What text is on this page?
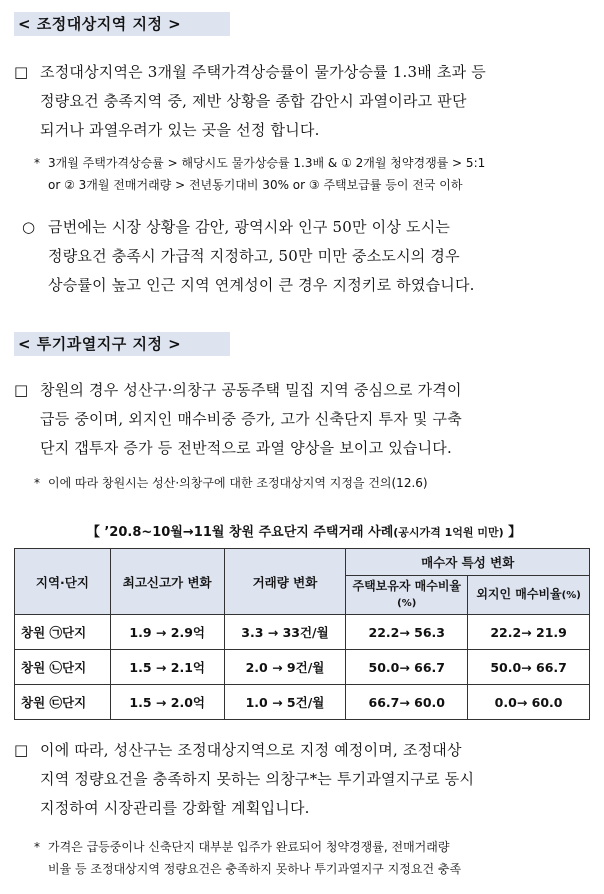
< 조정대상지역 지정 >
□ 조정대상지역은 3개월 주택가격상승률이 물가상승률 1.3배 초과 등
정량요건 충족지역 중, 제반 상황을 종합 감안시 과열이라고 판단
되거나 과열우려가 있는 곳을 선정 합니다.
* 3개월 주택가격상승률 > 해당시도 물가상승률 1.3배 & ① 2개월 청약경쟁률 > 5:1
or ② 3개월 전매거래량 > 전년동기대비 30% or ③ 주택보급률 등이 전국 이하
○ 금번에는 시장 상황을 감안, 광역시와 인구 50만 이상 도시는
정량요건 충족시 가급적 지정하고, 50만 미만 중소도시의 경우
상승률이 높고 인근 지역 연계성이 큰 경우 지정키로 하였습니다.
< 투기과열지구 지정 >
□ 창원의 경우 성산구·의창구 공동주택 밀집 지역 중심으로 가격이
급등 중이며, 외지인 매수비중 증가, 고가 신축단지 투자 및 구축
단지 갭투자 증가 등 전반적으로 과열 양상을 보이고 있습니다.
* 이에 따라 창원시는 성산·의창구에 대한 조정대상지역 지정을 건의(12.6)
【 ’20.8~10월→11월 창원 주요단지 주택거래 사례(공시가격 1억원 미만) 】
지역·단지	최고신고가 변화	거래량 변화	매수자 특성 변화	
			주택보유자 매수비율(%)	외지인 매수비율(%)
창원 ㉠단지	1.9 → 2.9억	3.3 → 33건/월	22.2→ 56.3	22.2→ 21.9
창원 ㉡단지	1.5 → 2.1억	2.0 → 9건/월	50.0→ 66.7	50.0→ 66.7
창원 ㉢단지	1.5 → 2.0억	1.0 → 5건/월	66.7→ 60.0	0.0→ 60.0
□ 이에 따라, 성산구는 조정대상지역으로 지정 예정이며, 조정대상
지역 정량요건을 충족하지 못하는 의창구*는 투기과열지구로 동시
지정하여 시장관리를 강화할 계획입니다.
* 가격은 급등중이나 신축단지 대부분 입주가 완료되어 청약경쟁률, 전매거래량
비율 등 조정대상지역 정량요건은 충족하지 못하나 투기과열지구 지정요건 충족
